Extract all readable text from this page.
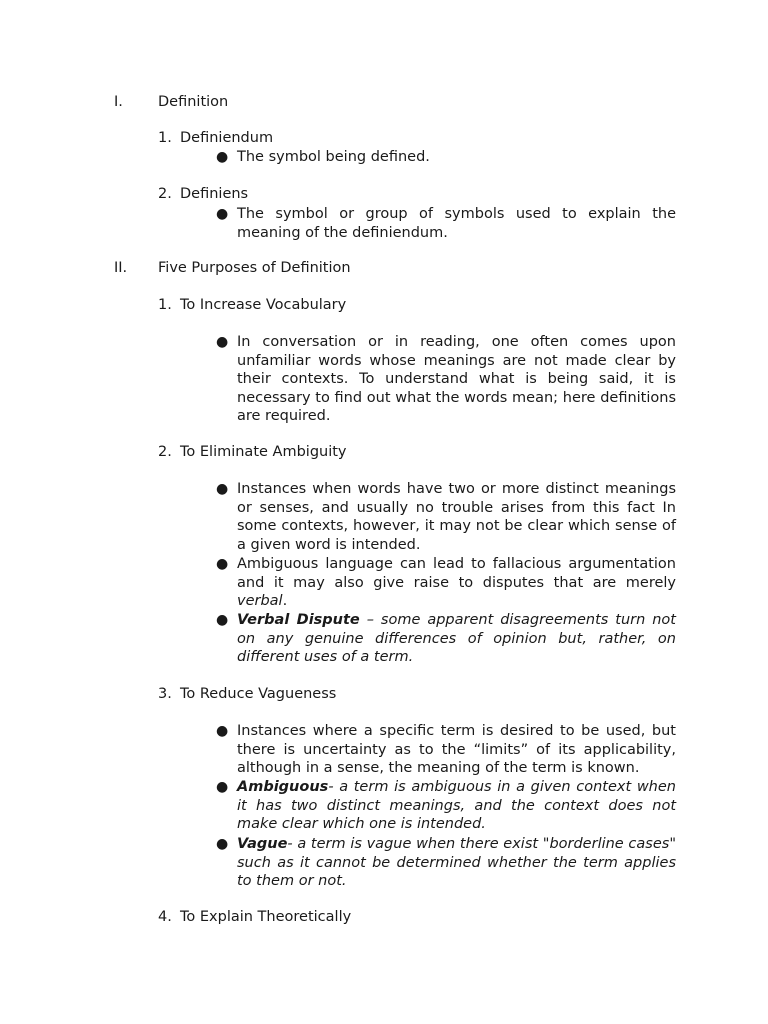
I. Definition
1. Definiendum
● The symbol being defined.
2. Definiens
● The symbol or group of symbols used to explain the meaning of the definiendum.
II. Five Purposes of Definition
1. To Increase Vocabulary
● In conversation or in reading, one often comes upon unfamiliar words whose meanings are not made clear by their contexts. To understand what is being said, it is necessary to find out what the words mean; here definitions are required.
2. To Eliminate Ambiguity
● Instances when words have two or more distinct meanings or senses, and usually no trouble arises from this fact In some contexts, however, it may not be clear which sense of a given word is intended.
● Ambiguous language can lead to fallacious argumentation and it may also give raise to disputes that are merely verbal.
● Verbal Dispute – some apparent disagreements turn not on any genuine differences of opinion but, rather, on different uses of a term.
3. To Reduce Vagueness
● Instances where a specific term is desired to be used, but there is uncertainty as to the “limits” of its applicability, although in a sense, the meaning of the term is known.
● Ambiguous- a term is ambiguous in a given context when it has two distinct meanings, and the context does not make clear which one is intended.
● Vague- a term is vague when there exist "borderline cases" such as it cannot be determined whether the term applies to them or not.
4. To Explain Theoretically
